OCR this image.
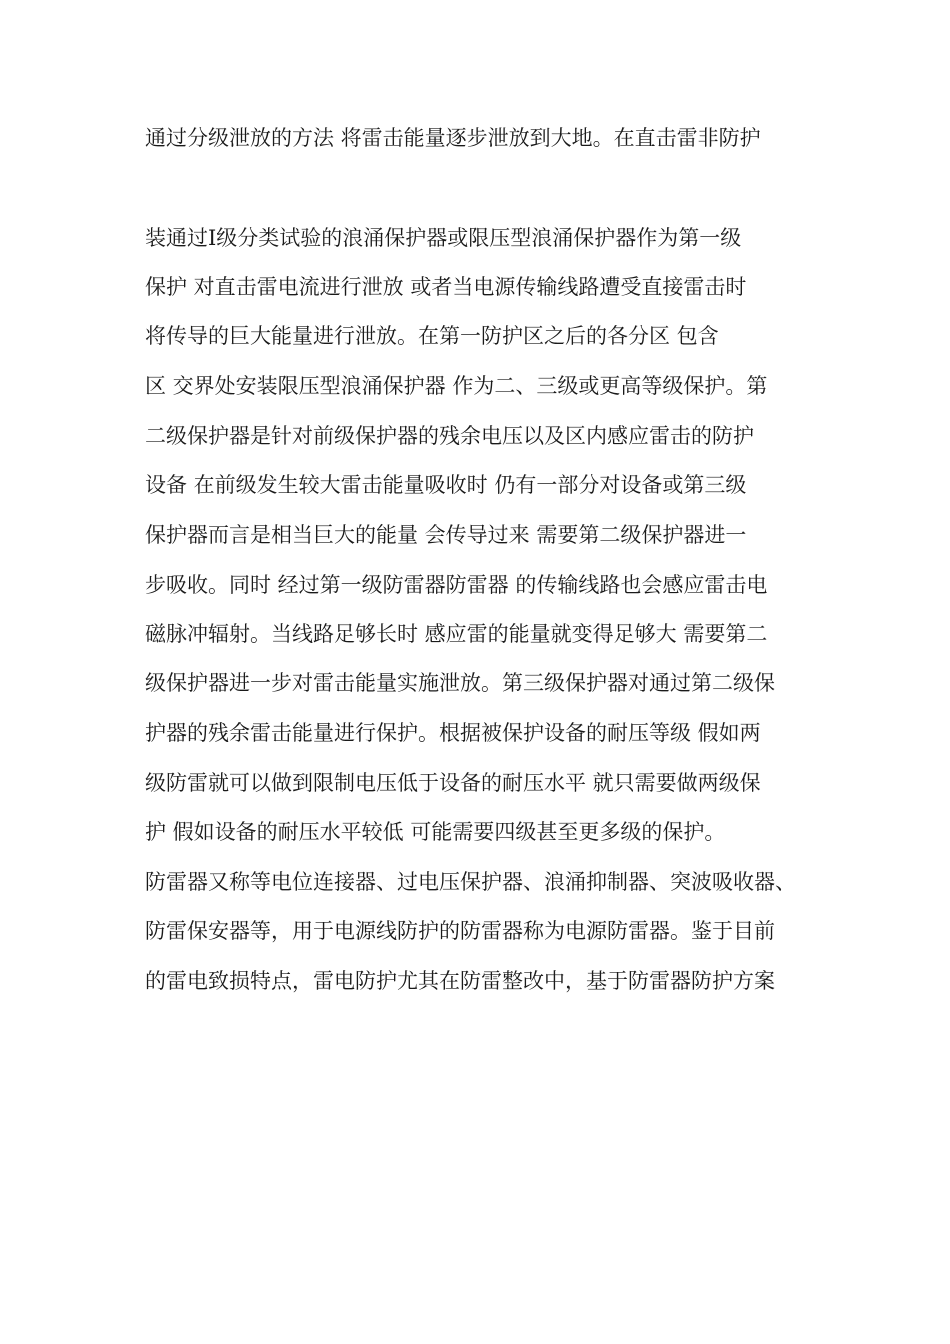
通过分级泄放的方法 将雷击能量逐步泄放到大地。在直击雷非防护

装通过Ⅰ级分类试验的浪涌保护器或限压型浪涌保护器作为第一级
保护 对直击雷电流进行泄放 或者当电源传输线路遭受直接雷击时
将传导的巨大能量进行泄放。在第一防护区之后的各分区 包含
区 交界处安装限压型浪涌保护器 作为二、三级或更高等级保护。第
二级保护器是针对前级保护器的残余电压以及区内感应雷击的防护
设备 在前级发生较大雷击能量吸收时 仍有一部分对设备或第三级
保护器而言是相当巨大的能量 会传导过来 需要第二级保护器进一
步吸收。同时 经过第一级防雷器防雷器 的传输线路也会感应雷击电
磁脉冲辐射。当线路足够长时 感应雷的能量就变得足够大 需要第二
级保护器进一步对雷击能量实施泄放。第三级保护器对通过第二级保
护器的残余雷击能量进行保护。根据被保护设备的耐压等级 假如两
级防雷就可以做到限制电压低于设备的耐压水平 就只需要做两级保
护 假如设备的耐压水平较低 可能需要四级甚至更多级的保护。
防雷器又称等电位连接器、过电压保护器、浪涌抑制器、突波吸收器、
防雷保安器等，用于电源线防护的防雷器称为电源防雷器。鉴于目前
的雷电致损特点，雷电防护尤其在防雷整改中，基于防雷器防护方案
